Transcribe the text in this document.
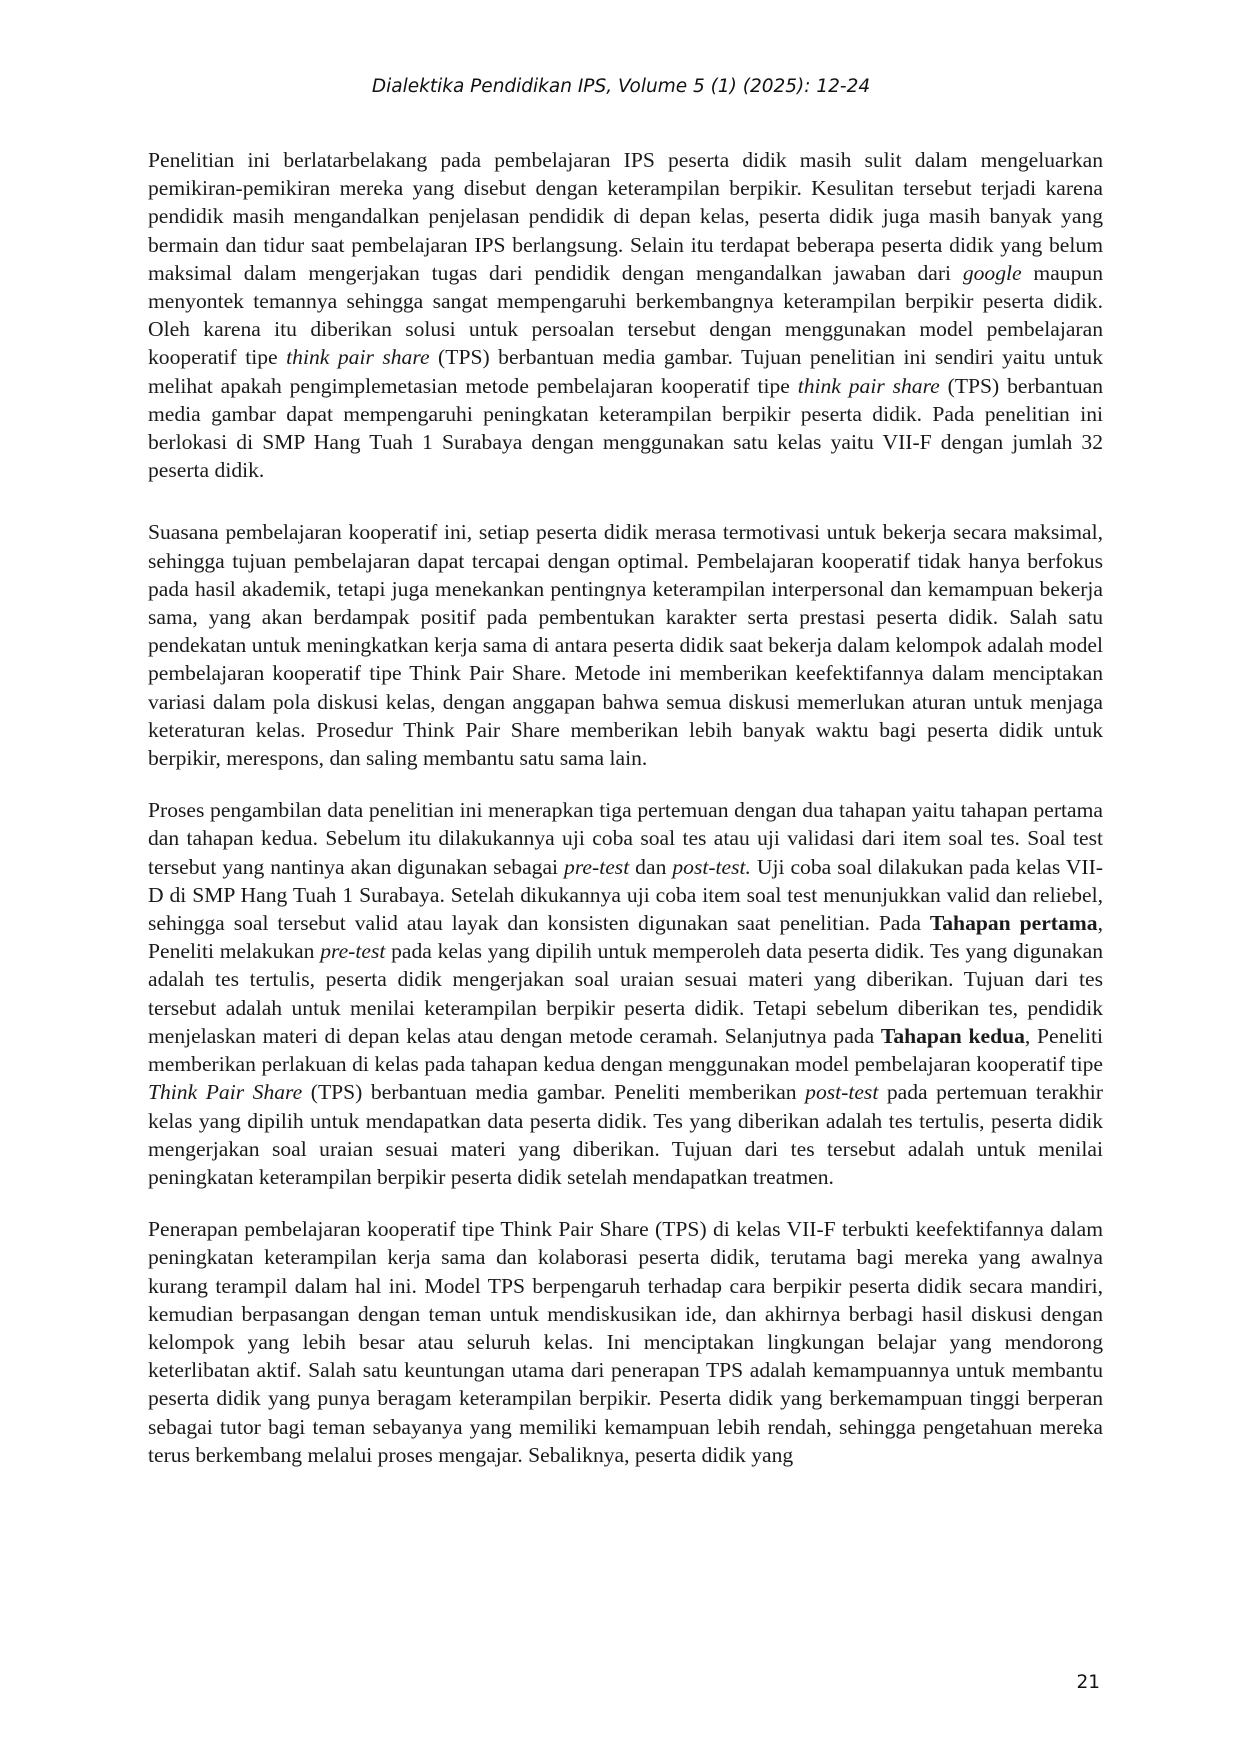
Dialektika Pendidikan IPS, Volume 5 (1) (2025): 12-24

Penelitian ini berlatarbelakang pada pembelajaran IPS peserta didik masih sulit dalam mengeluarkan pemikiran-pemikiran mereka yang disebut dengan keterampilan berpikir. Kesulitan tersebut terjadi karena pendidik masih mengandalkan penjelasan pendidik di depan kelas, peserta didik juga masih banyak yang bermain dan tidur saat pembelajaran IPS berlangsung. Selain itu terdapat beberapa peserta didik yang belum maksimal dalam mengerjakan tugas dari pendidik dengan mengandalkan jawaban dari google maupun menyontek temannya sehingga sangat mempengaruhi berkembangnya keterampilan berpikir peserta didik. Oleh karena itu diberikan solusi untuk persoalan tersebut dengan menggunakan model pembelajaran kooperatif tipe think pair share (TPS) berbantuan media gambar. Tujuan penelitian ini sendiri yaitu untuk melihat apakah pengimplemetasian metode pembelajaran kooperatif tipe think pair share (TPS) berbantuan media gambar dapat mempengaruhi peningkatan keterampilan berpikir peserta didik. Pada penelitian ini berlokasi di SMP Hang Tuah 1 Surabaya dengan menggunakan satu kelas yaitu VII-F dengan jumlah 32 peserta didik.

Suasana pembelajaran kooperatif ini, setiap peserta didik merasa termotivasi untuk bekerja secara maksimal, sehingga tujuan pembelajaran dapat tercapai dengan optimal. Pembelajaran kooperatif tidak hanya berfokus pada hasil akademik, tetapi juga menekankan pentingnya keterampilan interpersonal dan kemampuan bekerja sama, yang akan berdampak positif pada pembentukan karakter serta prestasi peserta didik. Salah satu pendekatan untuk meningkatkan kerja sama di antara peserta didik saat bekerja dalam kelompok adalah model pembelajaran kooperatif tipe Think Pair Share. Metode ini memberikan keefektifannya dalam menciptakan variasi dalam pola diskusi kelas, dengan anggapan bahwa semua diskusi memerlukan aturan untuk menjaga keteraturan kelas. Prosedur Think Pair Share memberikan lebih banyak waktu bagi peserta didik untuk berpikir, merespons, dan saling membantu satu sama lain.

Proses pengambilan data penelitian ini menerapkan tiga pertemuan dengan dua tahapan yaitu tahapan pertama dan tahapan kedua. Sebelum itu dilakukannya uji coba soal tes atau uji validasi dari item soal tes. Soal test tersebut yang nantinya akan digunakan sebagai pre-test dan post-test. Uji coba soal dilakukan pada kelas VII-D di SMP Hang Tuah 1 Surabaya. Setelah dikukannya uji coba item soal test menunjukkan valid dan reliebel, sehingga soal tersebut valid atau layak dan konsisten digunakan saat penelitian. Pada Tahapan pertama, Peneliti melakukan pre-test pada kelas yang dipilih untuk memperoleh data peserta didik. Tes yang digunakan adalah tes tertulis, peserta didik mengerjakan soal uraian sesuai materi yang diberikan. Tujuan dari tes tersebut adalah untuk menilai keterampilan berpikir peserta didik. Tetapi sebelum diberikan tes, pendidik menjelaskan materi di depan kelas atau dengan metode ceramah. Selanjutnya pada Tahapan kedua, Peneliti memberikan perlakuan di kelas pada tahapan kedua dengan menggunakan model pembelajaran kooperatif tipe Think Pair Share (TPS) berbantuan media gambar. Peneliti memberikan post-test pada pertemuan terakhir kelas yang dipilih untuk mendapatkan data peserta didik. Tes yang diberikan adalah tes tertulis, peserta didik mengerjakan soal uraian sesuai materi yang diberikan. Tujuan dari tes tersebut adalah untuk menilai peningkatan keterampilan berpikir peserta didik setelah mendapatkan treatmen.

Penerapan pembelajaran kooperatif tipe Think Pair Share (TPS) di kelas VII-F terbukti keefektifannya dalam peningkatan keterampilan kerja sama dan kolaborasi peserta didik, terutama bagi mereka yang awalnya kurang terampil dalam hal ini. Model TPS berpengaruh terhadap cara berpikir peserta didik secara mandiri, kemudian berpasangan dengan teman untuk mendiskusikan ide, dan akhirnya berbagi hasil diskusi dengan kelompok yang lebih besar atau seluruh kelas. Ini menciptakan lingkungan belajar yang mendorong keterlibatan aktif. Salah satu keuntungan utama dari penerapan TPS adalah kemampuannya untuk membantu peserta didik yang punya beragam keterampilan berpikir. Peserta didik yang berkemampuan tinggi berperan sebagai tutor bagi teman sebayanya yang memiliki kemampuan lebih rendah, sehingga pengetahuan mereka terus berkembang melalui proses mengajar. Sebaliknya, peserta didik yang

21
